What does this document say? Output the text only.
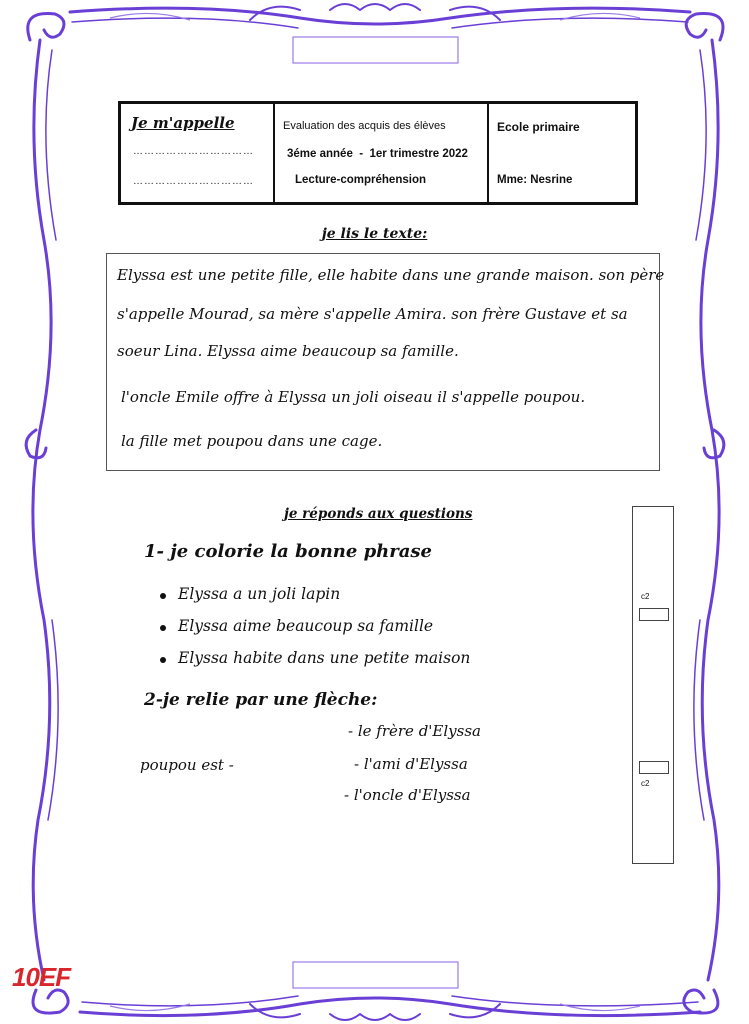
Je m'appelle
……………………………
……………………………
Evaluation des acquis des élèves
3éme année  -  1er trimestre 2022
Lecture-compréhension
Ecole primaire
Mme: Nesrine
je lis le texte:
Elyssa est une petite fille, elle habite dans une grande maison. son père
s'appelle Mourad, sa mère s'appelle Amira. son frère Gustave et sa
soeur Lina. Elyssa aime beaucoup sa famille.
l'oncle Emile offre à Elyssa un joli oiseau il s'appelle poupou.
la fille met poupou dans une cage.
je réponds aux questions
1- je colorie la bonne phrase
Elyssa a un joli lapin
Elyssa aime beaucoup sa famille
Elyssa habite dans une petite maison
2-je relie par une flèche:
poupou est -
- le frère d'Elyssa
- l'ami d'Elyssa
- l'oncle d'Elyssa
c2
c2
10EF
